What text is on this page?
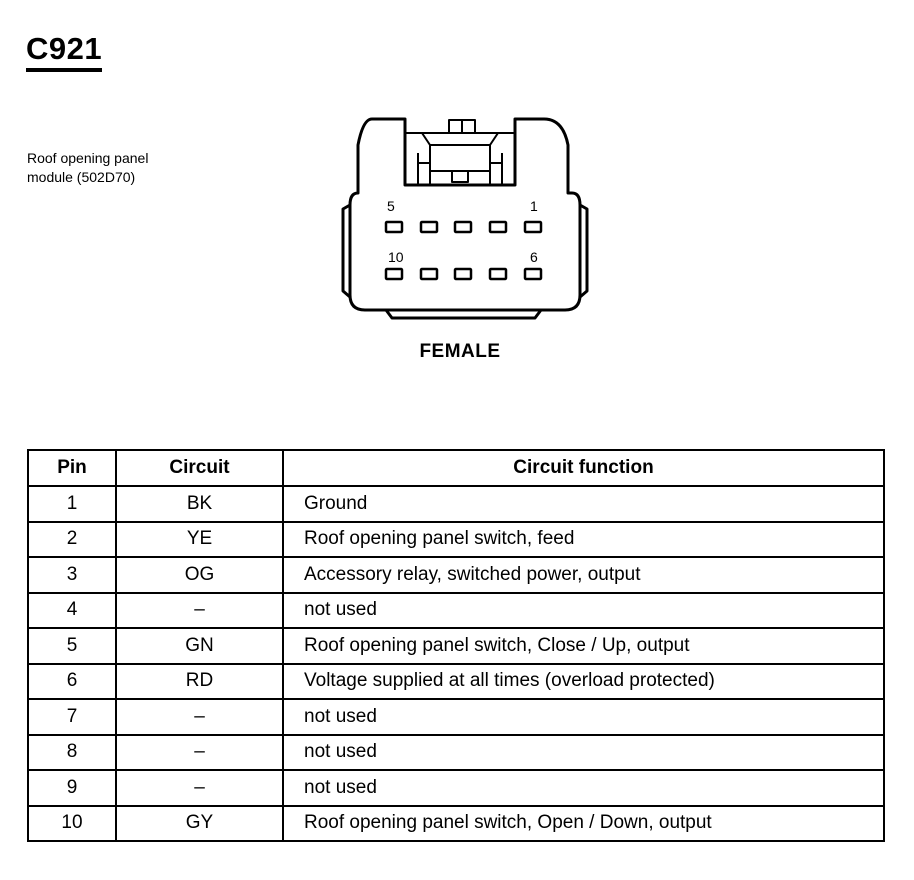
C921
Roof opening panel
module (502D70)
5	1
10	6
FEMALE
Pin	Circuit	Circuit function
1	BK	Ground
2	YE	Roof opening panel switch, feed
3	OG	Accessory relay, switched power, output
4	–	not used
5	GN	Roof opening panel switch, Close / Up, output
6	RD	Voltage supplied at all times (overload protected)
7	–	not used
8	–	not used
9	–	not used
10	GY	Roof opening panel switch, Open / Down, output
